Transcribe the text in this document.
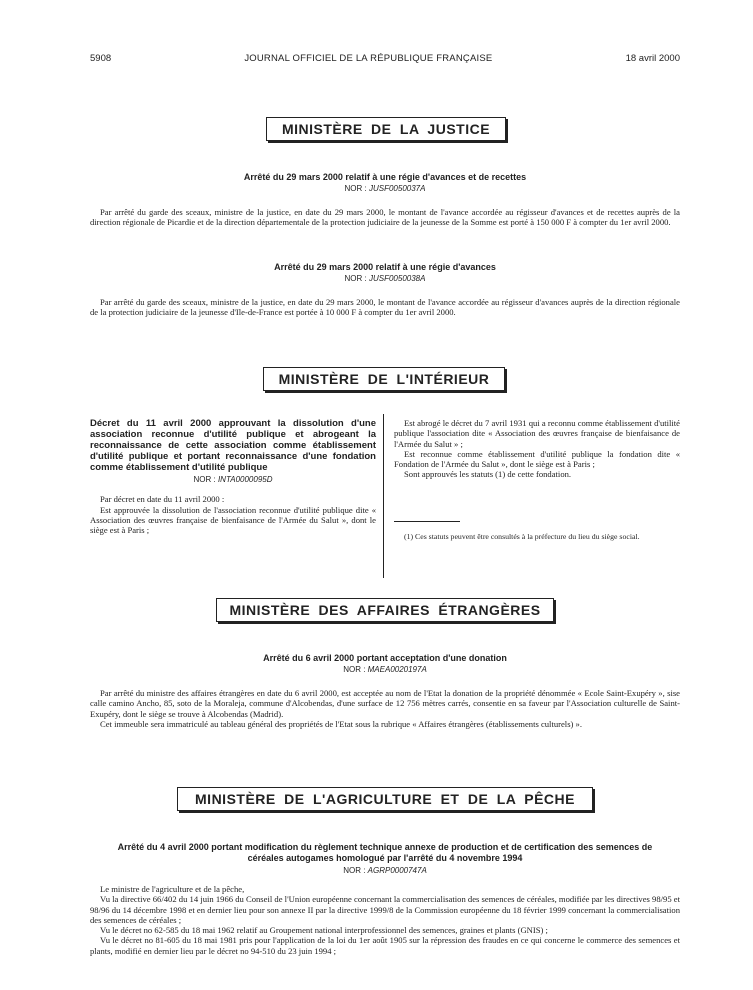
5908	JOURNAL OFFICIEL DE LA RÉPUBLIQUE FRANÇAISE	18 avril 2000
MINISTÈRE DE LA JUSTICE
Arrêté du 29 mars 2000 relatif à une régie d'avances et de recettes
NOR : JUSF0050037A

Par arrêté du garde des sceaux, ministre de la justice, en date du 29 mars 2000, le montant de l'avance accordée au régisseur d'avances et de recettes auprès de la direction régionale de Picardie et de la direction départementale de la protection judiciaire de la jeunesse de la Somme est porté à 150 000 F à compter du 1er avril 2000.

Arrêté du 29 mars 2000 relatif à une régie d'avances
NOR : JUSF0050038A

Par arrêté du garde des sceaux, ministre de la justice, en date du 29 mars 2000, le montant de l'avance accordée au régisseur d'avances auprès de la direction régionale de la protection judiciaire de la jeunesse d'Ile-de-France est portée à 10 000 F à compter du 1er avril 2000.

MINISTÈRE DE L'INTÉRIEUR
Décret du 11 avril 2000 approuvant la dissolution d'une association reconnue d'utilité publique et abrogeant la reconnaissance de cette association comme établissement d'utilité publique et portant reconnaissance d'une fondation comme établissement d'utilité publique
NOR : INTA0000095D

Par décret en date du 11 avril 2000 :

Est approuvée la dissolution de l'association reconnue d'utilité publique dite « Association des œuvres française de bienfaisance de l'Armée du Salut », dont le siège est à Paris ;

Est abrogé le décret du 7 avril 1931 qui a reconnu comme établissement d'utilité publique l'association dite « Association des œuvres française de bienfaisance de l'Armée du Salut » ;

Est reconnue comme établissement d'utilité publique la fondation dite « Fondation de l'Armée du Salut », dont le siège est à Paris ;

Sont approuvés les statuts (1) de cette fondation.

(1) Ces statuts peuvent être consultés à la préfecture du lieu du siège social.

MINISTÈRE DES AFFAIRES ÉTRANGÈRES
Arrêté du 6 avril 2000 portant acceptation d'une donation
NOR : MAEA0020197A

Par arrêté du ministre des affaires étrangères en date du 6 avril 2000, est acceptée au nom de l'Etat la donation de la propriété dénommée « Ecole Saint-Exupéry », sise calle camino Ancho, 85, soto de la Moraleja, commune d'Alcobendas, d'une surface de 12 756 mètres carrés, consentie en sa faveur par l'Association culturelle de Saint-Exupéry, dont le siège se trouve à Alcobendas (Madrid).

Cet immeuble sera immatriculé au tableau général des propriétés de l'Etat sous la rubrique « Affaires étrangères (établissements culturels) ».

MINISTÈRE DE L'AGRICULTURE ET DE LA PÊCHE
Arrêté du 4 avril 2000 portant modification du règlement technique annexe de production et de certification des semences de céréales autogames homologué par l'arrêté du 4 novembre 1994
NOR : AGRP0000747A

Le ministre de l'agriculture et de la pêche,

Vu la directive 66/402 du 14 juin 1966 du Conseil de l'Union européenne concernant la commercialisation des semences de céréales, modifiée par les directives 98/95 et 98/96 du 14 décembre 1998 et en dernier lieu pour son annexe II par la directive 1999/8 de la Commission européenne du 18 février 1999 concernant la commercialisation des semences de céréales ;

Vu le décret no 62-585 du 18 mai 1962 relatif au Groupement national interprofessionnel des semences, graines et plants (GNIS) ;

Vu le décret no 81-605 du 18 mai 1981 pris pour l'application de la loi du 1er août 1905 sur la répression des fraudes en ce qui concerne le commerce des semences et plants, modifié en dernier lieu par le décret no 94-510 du 23 juin 1994 ;
